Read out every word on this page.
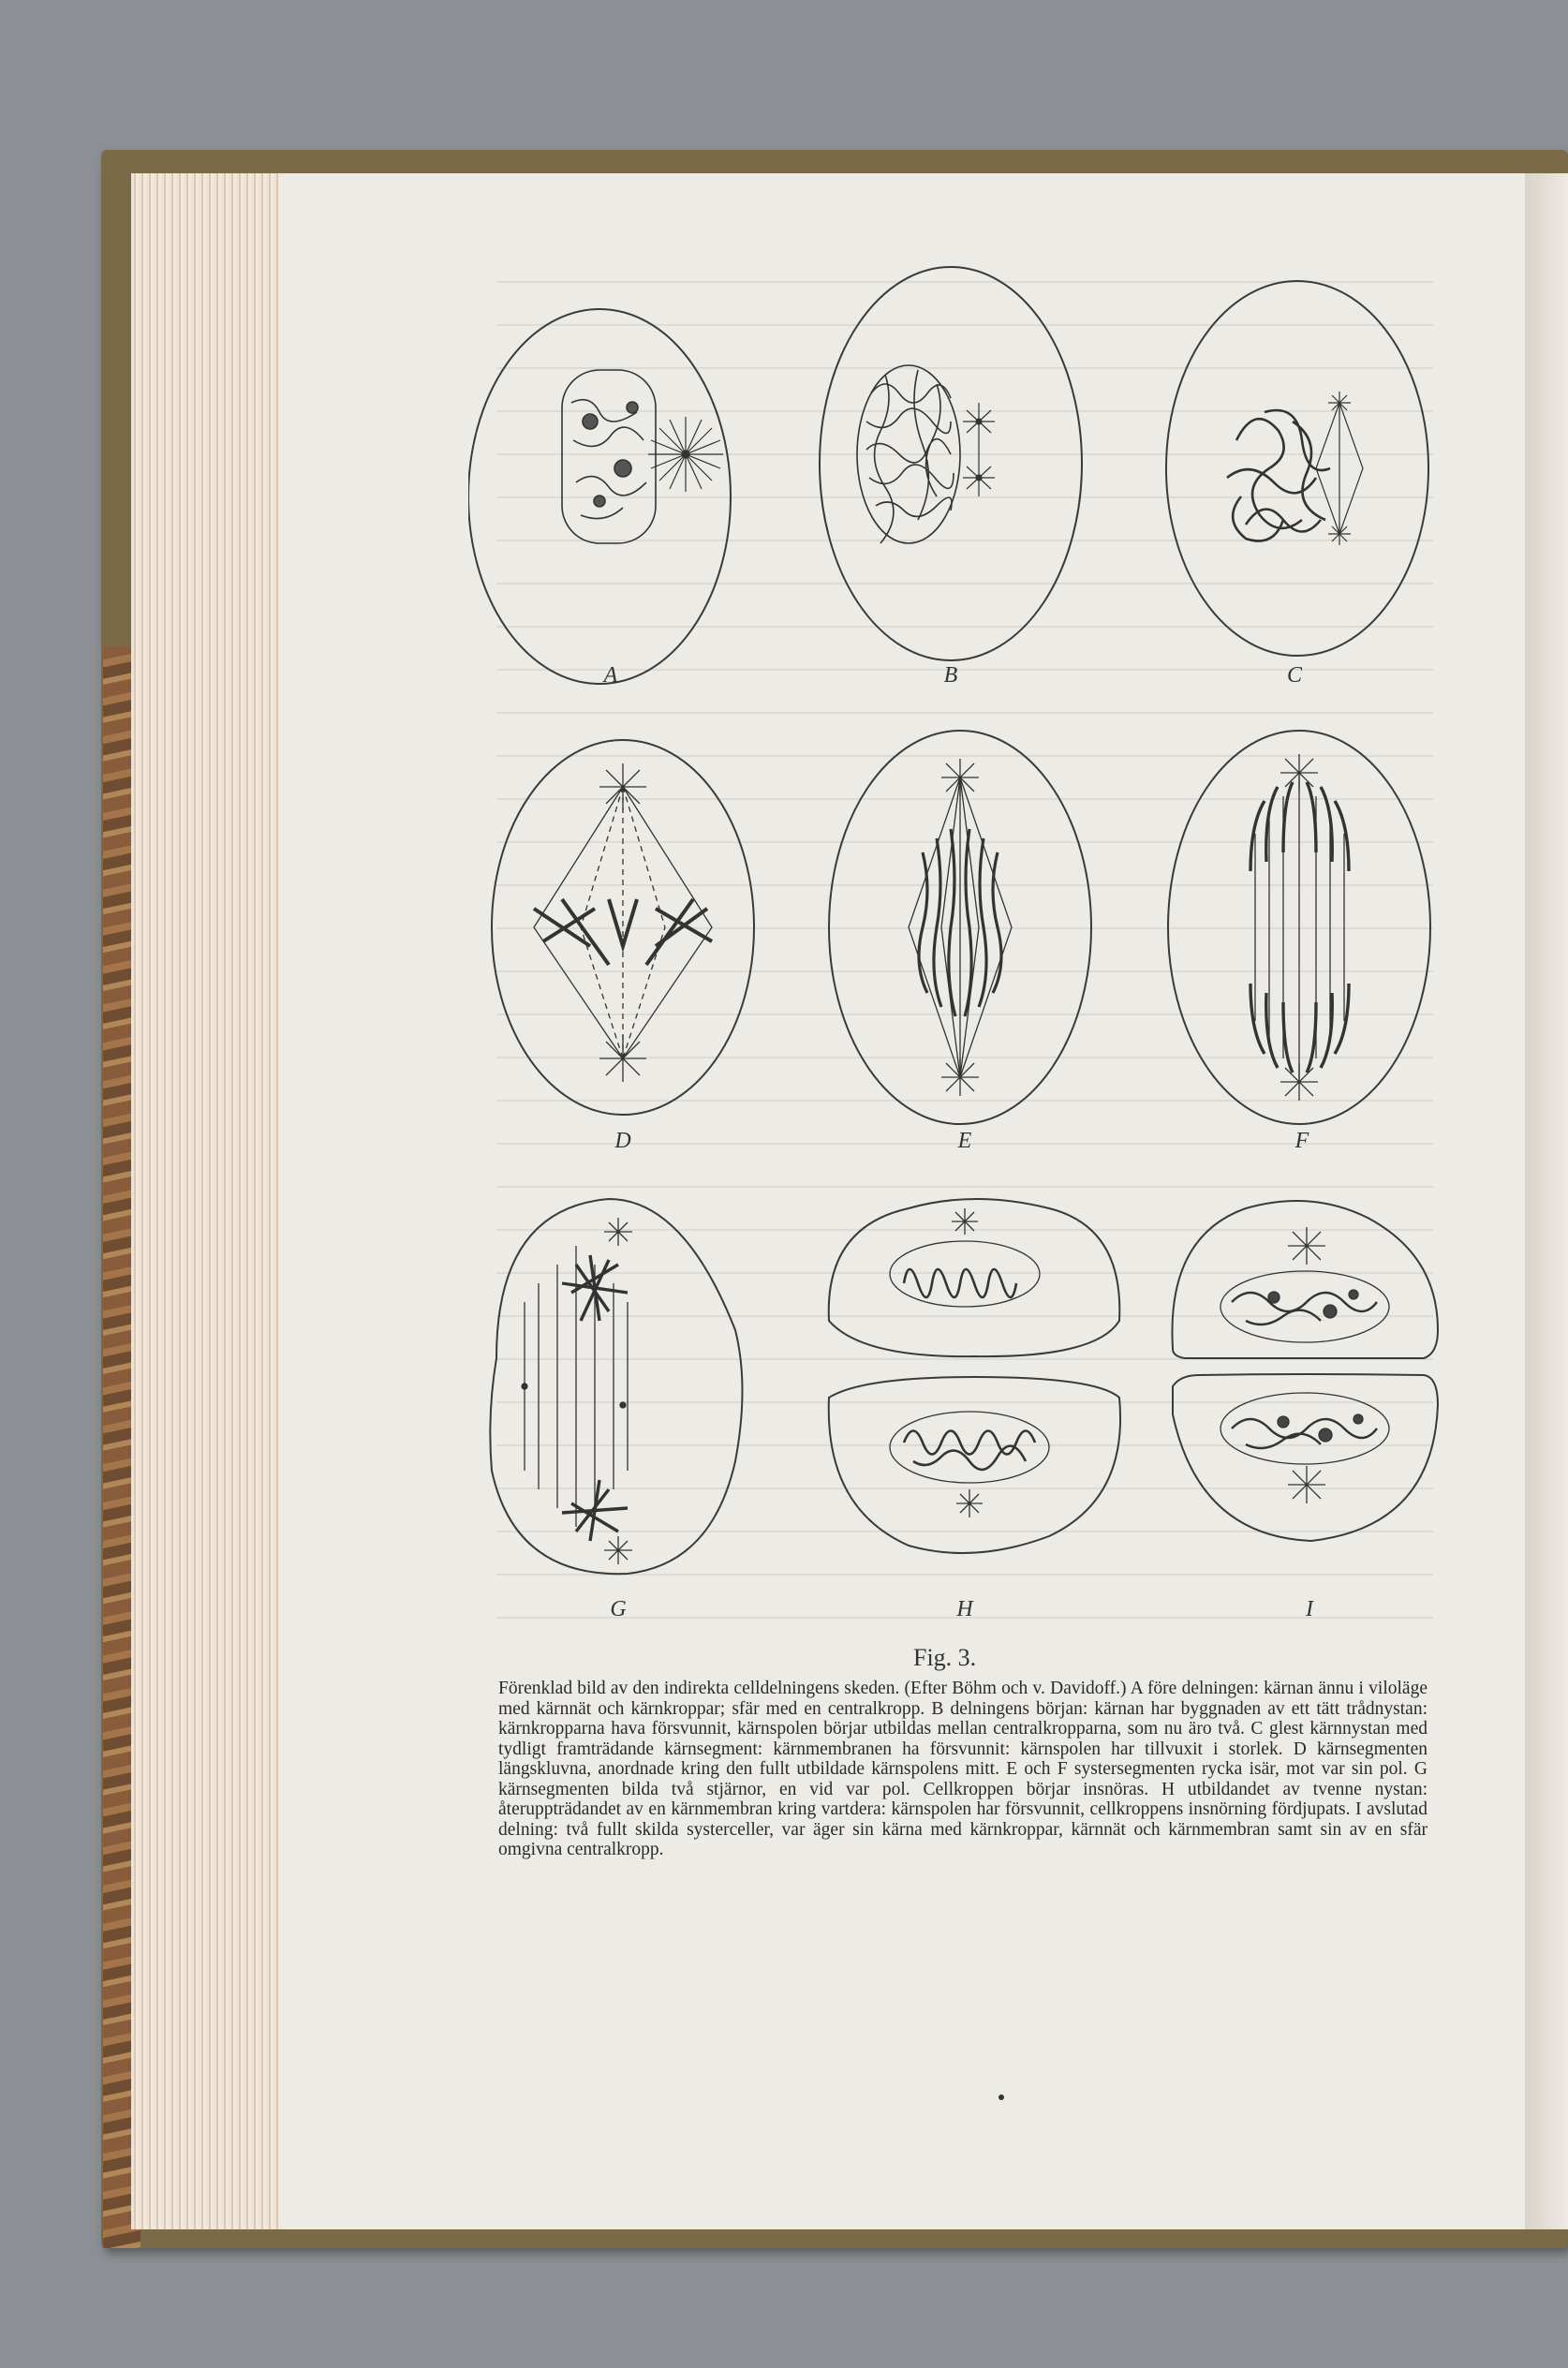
A	B	C
D	E	F
G	H	I
Fig. 3.

Förenklad bild av den indirekta celldelningens skeden. (Efter Böhm och v. Davidoff.) A före delningen: kärnan ännu i viloläge med kärnnät och kärnkroppar; sfär med en centralkropp. B delningens början: kärnan har byggnaden av ett tätt trådnystan: kärnkropparna hava försvunnit, kärnspolen börjar utbildas mellan centralkropparna, som nu äro två. C glest kärnnystan med tydligt framträdande kärnsegment: kärnmembranen ha försvunnit: kärnspolen har tillvuxit i storlek. D kärnsegmenten längskluvna, anordnade kring den fullt utbildade kärnspolens mitt. E och F systersegmenten rycka isär, mot var sin pol. G kärnsegmenten bilda två stjärnor, en vid var pol. Cellkroppen börjar insnöras. H utbildandet av tvenne nystan: återuppträdandet av en kärnmembran kring vartdera: kärnspolen har försvunnit, cellkroppens insnörning fördjupats. I avslutad delning: två fullt skilda systerceller, var äger sin kärna med kärnkroppar, kärnnät och kärnmembran samt sin av en sfär omgivna centralkropp.
